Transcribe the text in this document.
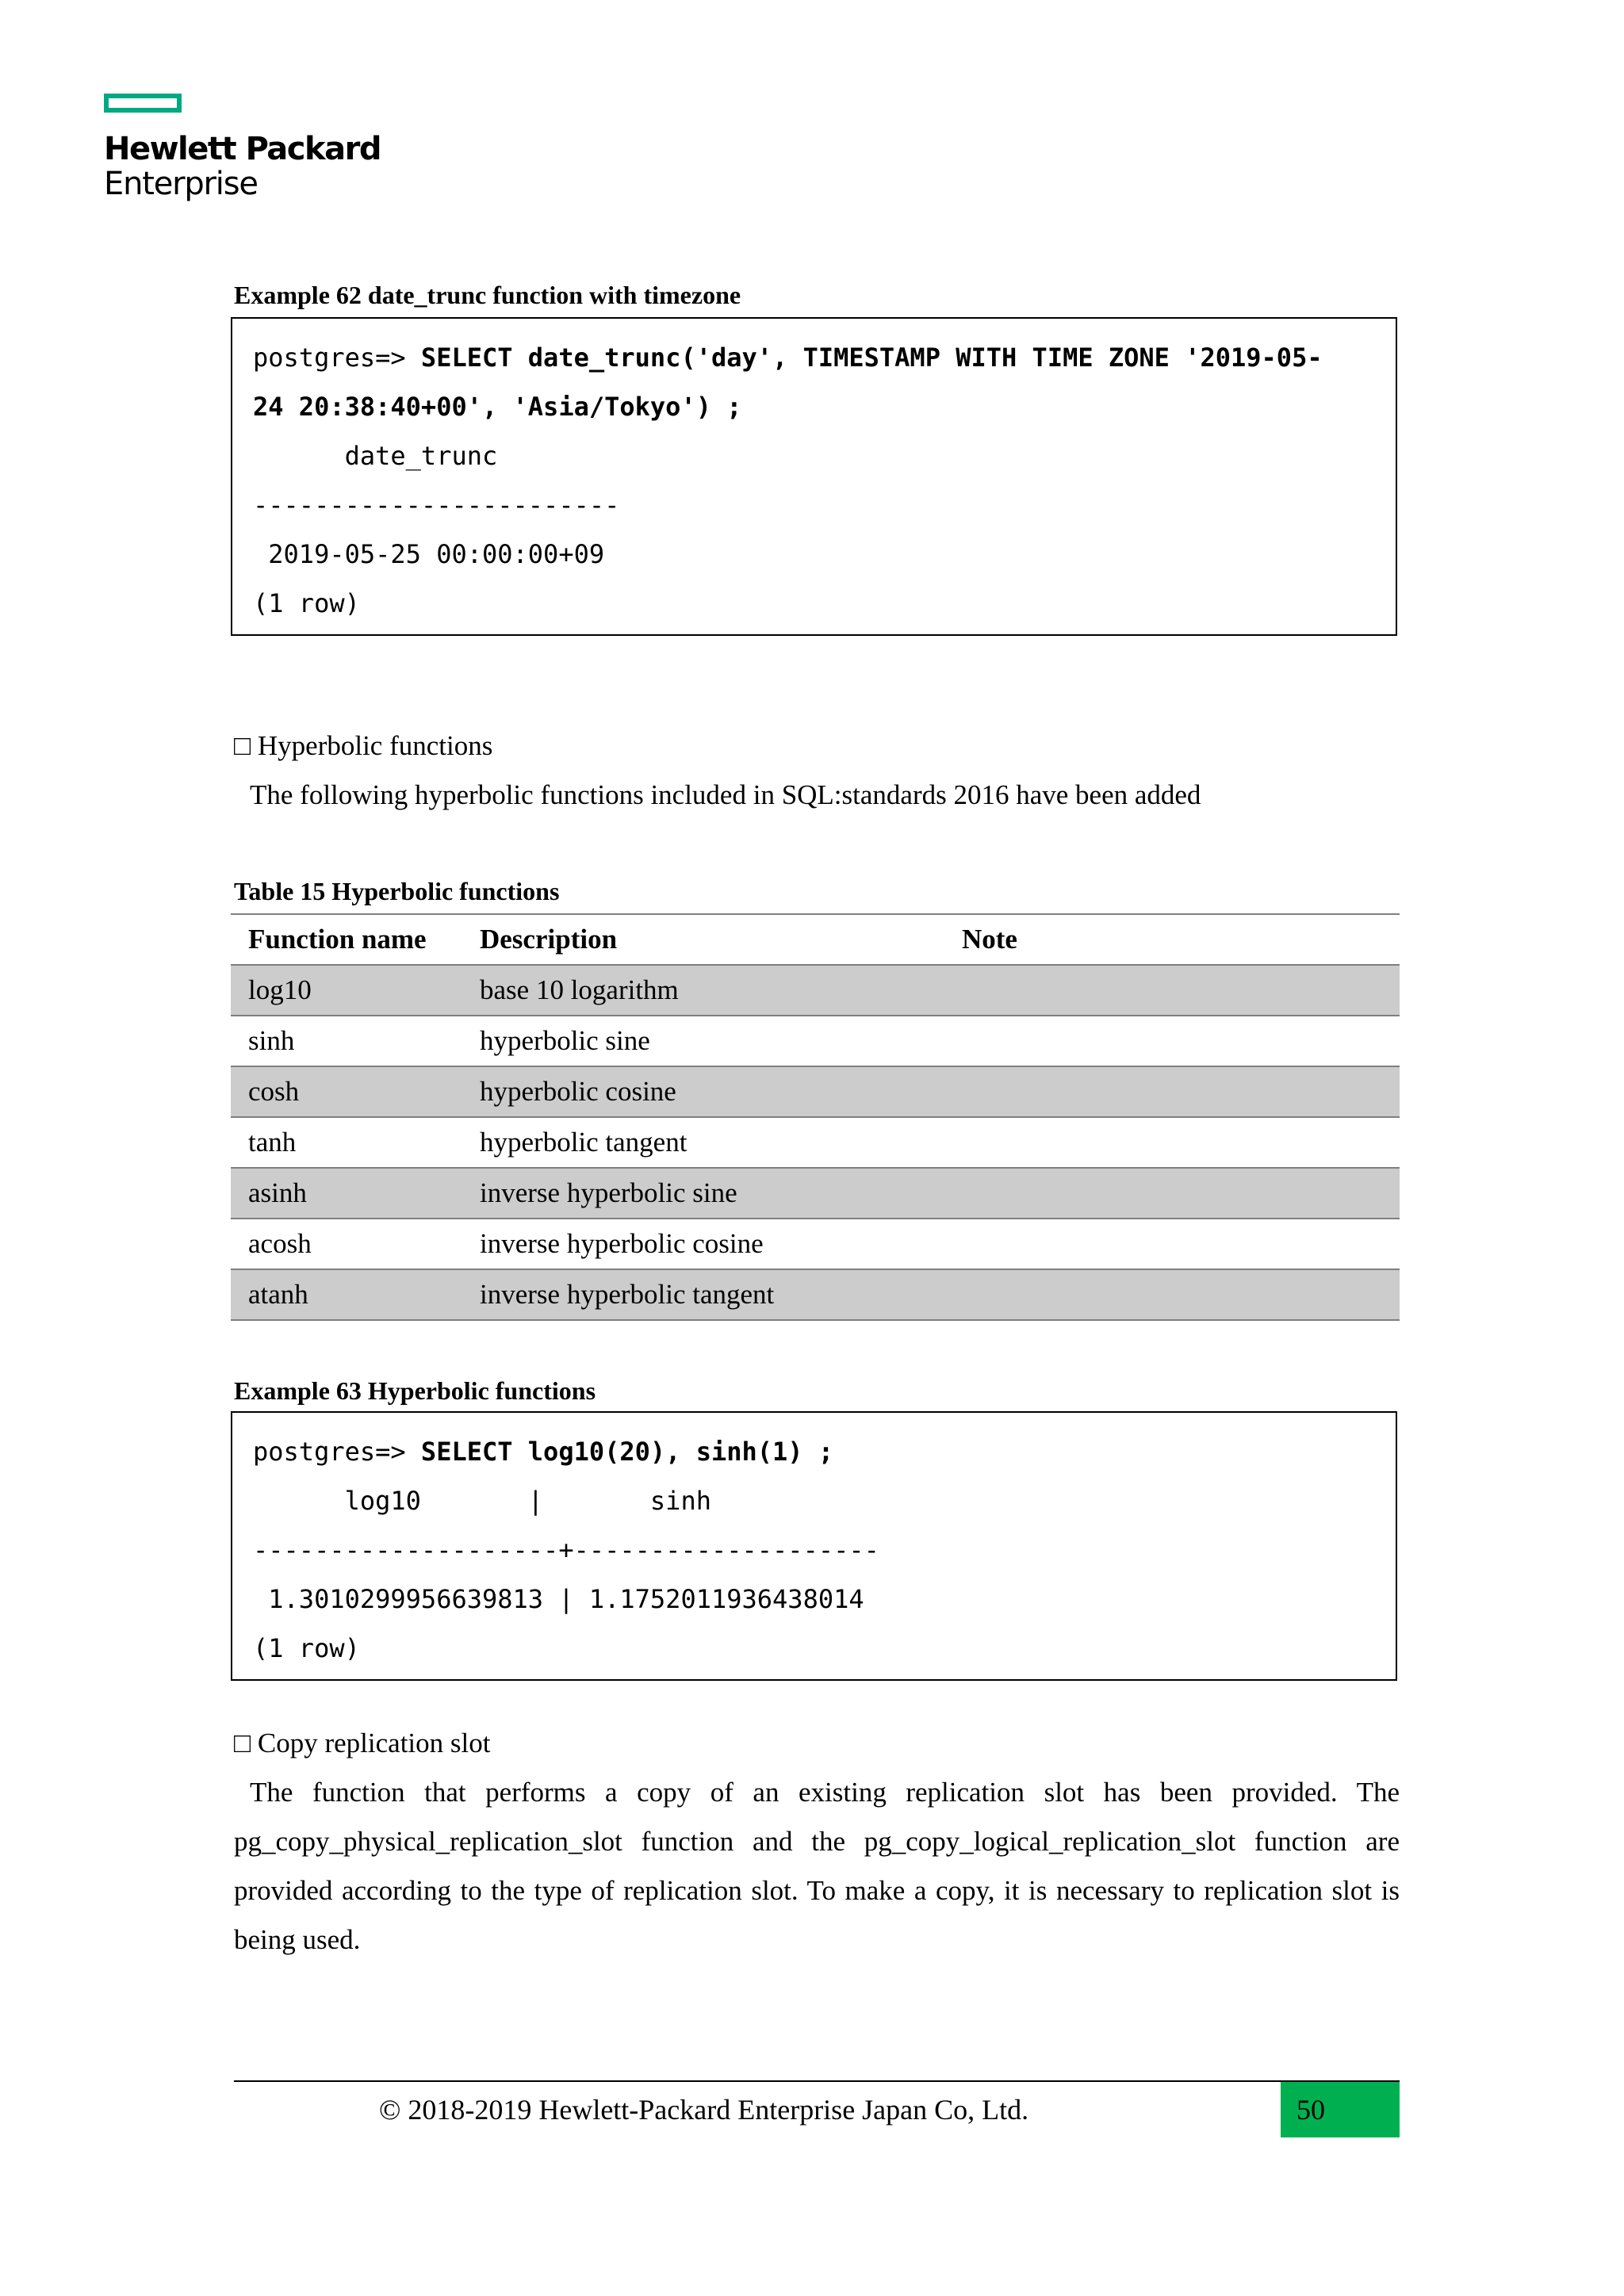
Hewlett Packard
Enterprise
Example 62 date_trunc function with timezone
postgres=> SELECT date_trunc('day', TIMESTAMP WITH TIME ZONE '2019-05-
24 20:38:40+00', 'Asia/Tokyo') ;
date_trunc
------------------------
2019-05-25 00:00:00+09
(1 row)
□ Hyperbolic functions
The following hyperbolic functions included in SQL:standards 2016 have been added
Table 15 Hyperbolic functions
Function name	Description	Note
log10	base 10 logarithm	
sinh	hyperbolic sine	
cosh	hyperbolic cosine	
tanh	hyperbolic tangent	
asinh	inverse hyperbolic sine	
acosh	inverse hyperbolic cosine	
atanh	inverse hyperbolic tangent	
Example 63 Hyperbolic functions
postgres=> SELECT log10(20), sinh(1) ;
log10       |       sinh
--------------------+--------------------
1.3010299956639813 | 1.1752011936438014
(1 row)
□ Copy replication slot
The function that performs a copy of an existing replication slot has been provided. The pg_copy_physical_replication_slot function and the pg_copy_logical_replication_slot function are provided according to the type of replication slot. To make a copy, it is necessary to replication slot is being used.
© 2018-2019 Hewlett-Packard Enterprise Japan Co, Ltd.	50
